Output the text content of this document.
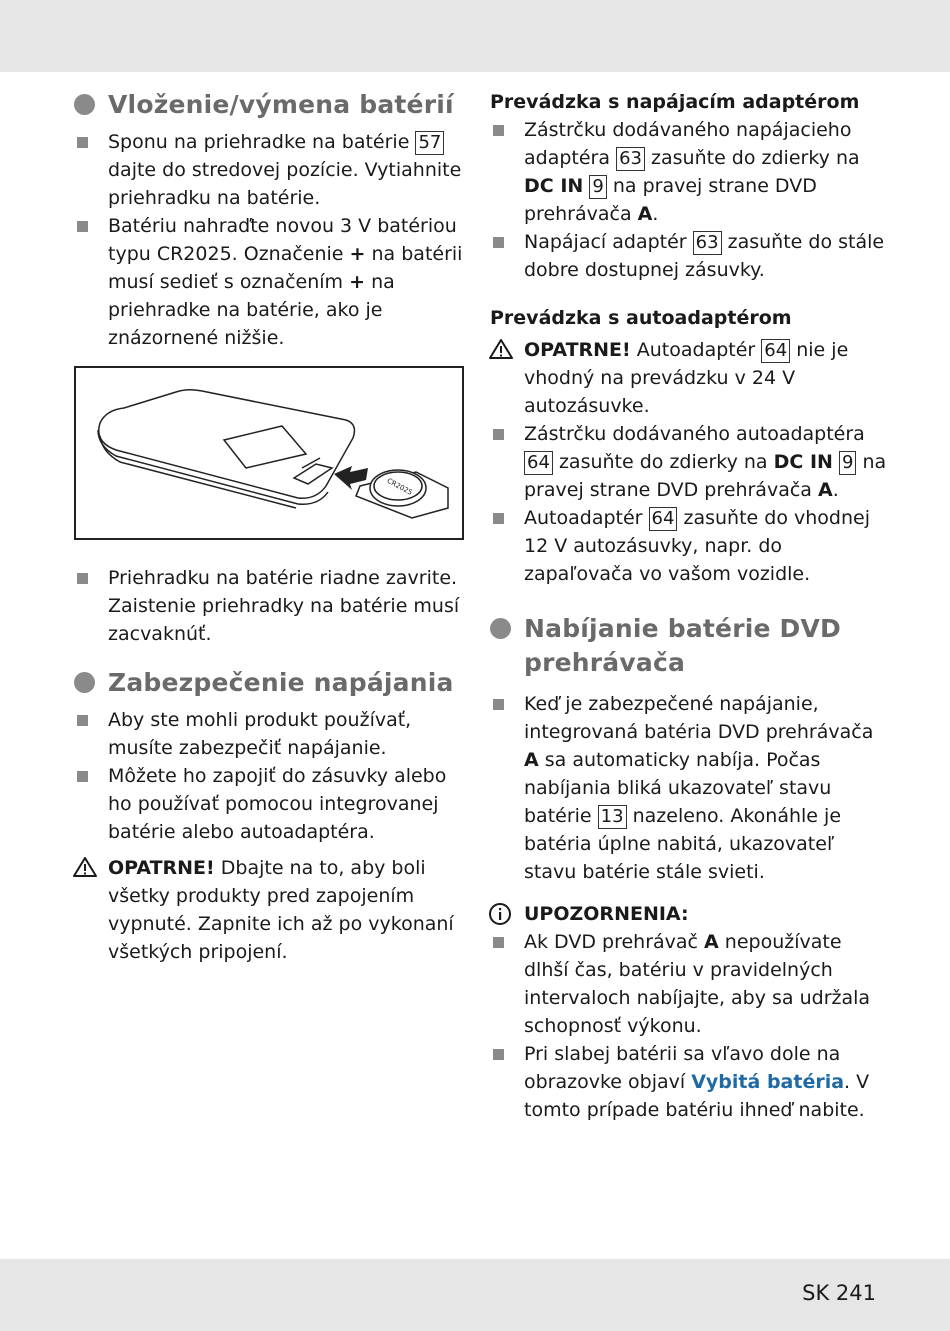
Vloženie/výmena batérií
Sponu na priehradke na batérie 57 dajte do stredovej pozície. Vytiahnite priehradku na batérie.
Batériu nahraďte novou 3 V batériou typu CR2025. Označenie + na batérii musí sedieť s označením + na priehradke na batérie, ako je znázornené nižšie.
CR2025
Priehradku na batérie riadne zavrite. Zaistenie priehradky na batérie musí zacvaknúť.
Zabezpečenie napájania
Aby ste mohli produkt používať, musíte zabezpečiť napájanie.
Môžete ho zapojiť do zásuvky alebo ho používať pomocou integrovanej batérie alebo autoadaptéra.
OPATRNE! Dbajte na to, aby boli všetky produkty pred zapojením vypnuté. Zapnite ich až po vykonaní všetkých pripojení.
Prevádzka s napájacím adaptérom
Zástrčku dodávaného napájacieho adaptéra 63 zasuňte do zdierky na DC IN 9 na pravej strane DVD prehrávača A.
Napájací adaptér 63 zasuňte do stále dobre dostupnej zásuvky.
Prevádzka s autoadaptérom
OPATRNE! Autoadaptér 64 nie je vhodný na prevádzku v 24 V autozásuvke.
Zástrčku dodávaného autoadaptéra 64 zasuňte do zdierky na DC IN 9 na pravej strane DVD prehrávača A.
Autoadaptér 64 zasuňte do vhodnej 12 V autozásuvky, napr. do zapaľovača vo vašom vozidle.
Nabíjanie batérie DVD prehrávača
Keď je zabezpečené napájanie, integrovaná batéria DVD prehrávača A sa automaticky nabíja. Počas nabíjania bliká ukazovateľ stavu batérie 13 nazeleno. Akonáhle je batéria úplne nabitá, ukazovateľ stavu batérie stále svieti.
UPOZORNENIA:
Ak DVD prehrávač A nepoužívate dlhší čas, batériu v pravidelných intervaloch nabíjajte, aby sa udržala schopnosť výkonu.
Pri slabej batérii sa vľavo dole na obrazovke objaví Vybitá batéria. V tomto prípade batériu ihneď nabite.
SK 241
